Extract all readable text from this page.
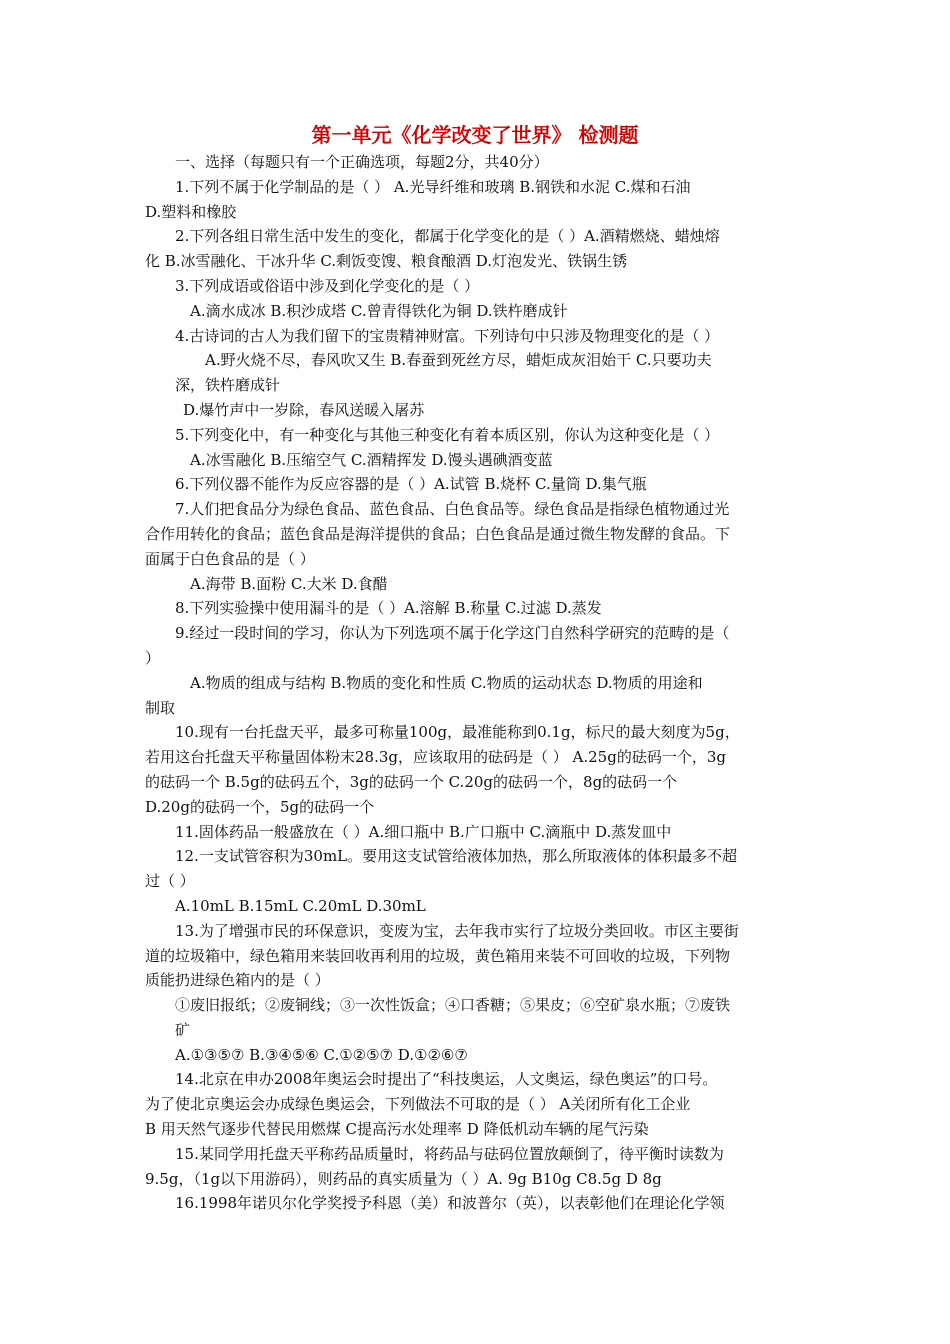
第一单元《化学改变了世界》 检测题
一、选择（每题只有一个正确选项，每题2分，共40分）
1.下列不属于化学制品的是（ ） A.光导纤维和玻璃 B.钢铁和水泥 C.煤和石油
D.塑料和橡胶
2.下列各组日常生活中发生的变化，都属于化学变化的是（ ）A.酒精燃烧、蜡烛熔
化 B.冰雪融化、干冰升华 C.剩饭变馊、粮食酿酒 D.灯泡发光、铁锅生锈
3.下列成语或俗语中涉及到化学变化的是（ ）
A.滴水成冰 B.积沙成塔 C.曾青得铁化为铜 D.铁杵磨成针
4.古诗词的古人为我们留下的宝贵精神财富。下列诗句中只涉及物理变化的是（ ）
A.野火烧不尽，春风吹又生 B.春蚕到死丝方尽，蜡炬成灰泪始干 C.只要功夫
深，铁杵磨成针
D.爆竹声中一岁除，春风送暖入屠苏
5.下列变化中，有一种变化与其他三种变化有着本质区别，你认为这种变化是（ ）
A.冰雪融化 B.压缩空气 C.酒精挥发 D.馒头遇碘酒变蓝
6.下列仪器不能作为反应容器的是（ ）A.试管 B.烧杯 C.量筒 D.集气瓶
7.人们把食品分为绿色食品、蓝色食品、白色食品等。绿色食品是指绿色植物通过光
合作用转化的食品；蓝色食品是海洋提供的食品；白色食品是通过微生物发酵的食品。下
面属于白色食品的是（ ）
A.海带 B.面粉 C.大米 D.食醋
8.下列实验操中使用漏斗的是（ ）A.溶解 B.称量 C.过滤 D.蒸发
9.经过一段时间的学习，你认为下列选项不属于化学这门自然科学研究的范畴的是（
）
A.物质的组成与结构 B.物质的变化和性质 C.物质的运动状态 D.物质的用途和
制取
10.现有一台托盘天平，最多可称量100g，最准能称到0.1g，标尺的最大刻度为5g，
若用这台托盘天平称量固体粉末28.3g，应该取用的砝码是（ ） A.25g的砝码一个，3g
的砝码一个 B.5g的砝码五个，3g的砝码一个 C.20g的砝码一个，8g的砝码一个
D.20g的砝码一个，5g的砝码一个
11.固体药品一般盛放在（ ）A.细口瓶中 B.广口瓶中 C.滴瓶中 D.蒸发皿中
12.一支试管容积为30mL。要用这支试管给液体加热，那么所取液体的体积最多不超
过（ ）
A.10mL B.15mL C.20mL D.30mL
13.为了增强市民的环保意识，变废为宝，去年我市实行了垃圾分类回收。市区主要街
道的垃圾箱中，绿色箱用来装回收再利用的垃圾，黄色箱用来装不可回收的垃圾，下列物
质能扔进绿色箱内的是（ ）
①废旧报纸；②废铜线；③一次性饭盒；④口香糖；⑤果皮；⑥空矿泉水瓶；⑦废铁
矿
A.①③⑤⑦ B.③④⑤⑥ C.①②⑤⑦ D.①②⑥⑦
14.北京在申办2008年奥运会时提出了“科技奥运，人文奥运，绿色奥运”的口号。
为了使北京奥运会办成绿色奥运会，下列做法不可取的是（ ） A关闭所有化工企业
B 用天然气逐步代替民用燃煤 C提高污水处理率 D 降低机动车辆的尾气污染
15.某同学用托盘天平称药品质量时，将药品与砝码位置放颠倒了，待平衡时读数为
9.5g，（1g以下用游码），则药品的真实质量为（ ）A. 9g B10g C8.5g D 8g
16.1998年诺贝尔化学奖授予科恩（美）和波普尔（英），以表彰他们在理论化学领
